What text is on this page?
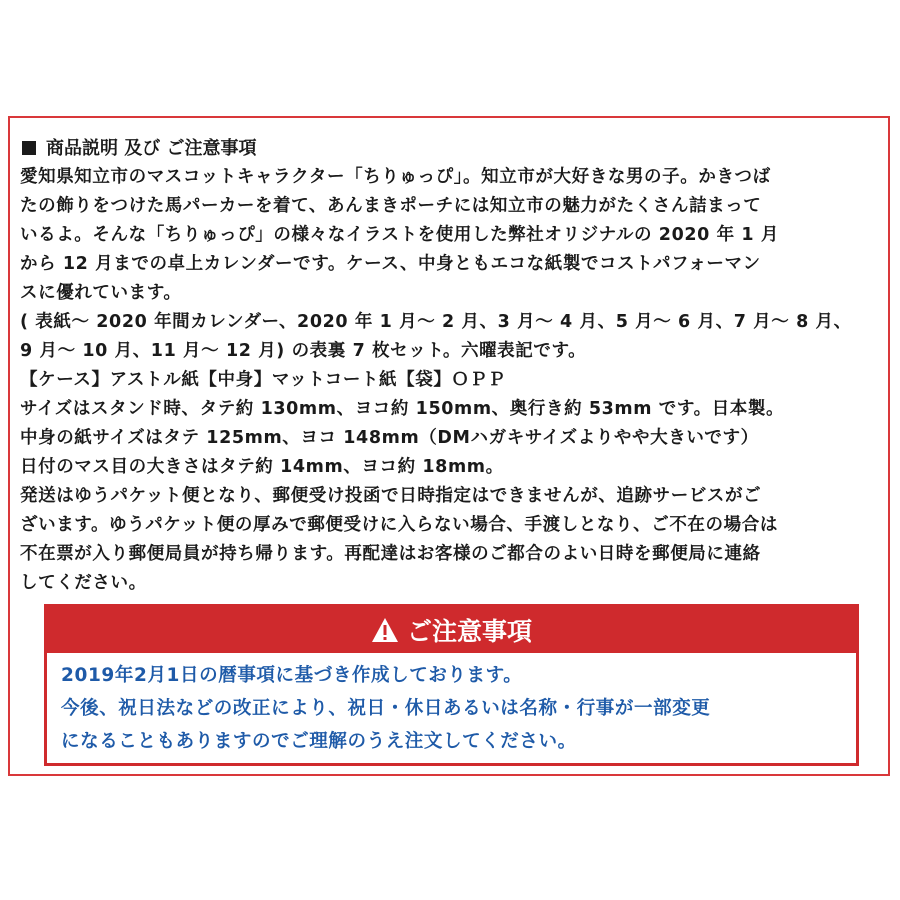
商品説明 及び ご注意事項
愛知県知立市のマスコットキャラクター「ちりゅっぴ」。知立市が大好きな男の子。かきつば
たの飾りをつけた馬パーカーを着て、あんまきポーチには知立市の魅力がたくさん詰まって
いるよ。そんな「ちりゅっぴ」の様々なイラストを使用した弊社オリジナルの 2020 年 1 月
から 12 月までの卓上カレンダーです。ケース、中身ともエコな紙製でコストパフォーマン
スに優れています。
( 表紙～ 2020 年間カレンダー、2020 年 1 月～ 2 月、3 月～ 4 月、5 月～ 6 月、7 月～ 8 月、
9 月～ 10 月、11 月～ 12 月) の表裏 7 枚セット。六曜表記です。
【ケース】アストル紙【中身】マットコート紙【袋】ＯＰＰ
サイズはスタンド時、タテ約 130mm、ヨコ約 150mm、奥行き約 53mm です。日本製。
中身の紙サイズはタテ 125mm、ヨコ 148mm（DMハガキサイズよりやや大きいです）
日付のマス目の大きさはタテ約 14mm、ヨコ約 18mm。
発送はゆうパケット便となり、郵便受け投函で日時指定はできませんが、追跡サービスがご
ざいます。ゆうパケット便の厚みで郵便受けに入らない場合、手渡しとなり、ご不在の場合は
不在票が入り郵便局員が持ち帰ります。再配達はお客様のご都合のよい日時を郵便局に連絡
してください。
ご注意事項
2019年2月1日の暦事項に基づき作成しております。
今後、祝日法などの改正により、祝日・休日あるいは名称・行事が一部変更
になることもありますのでご理解のうえ注文してください。
